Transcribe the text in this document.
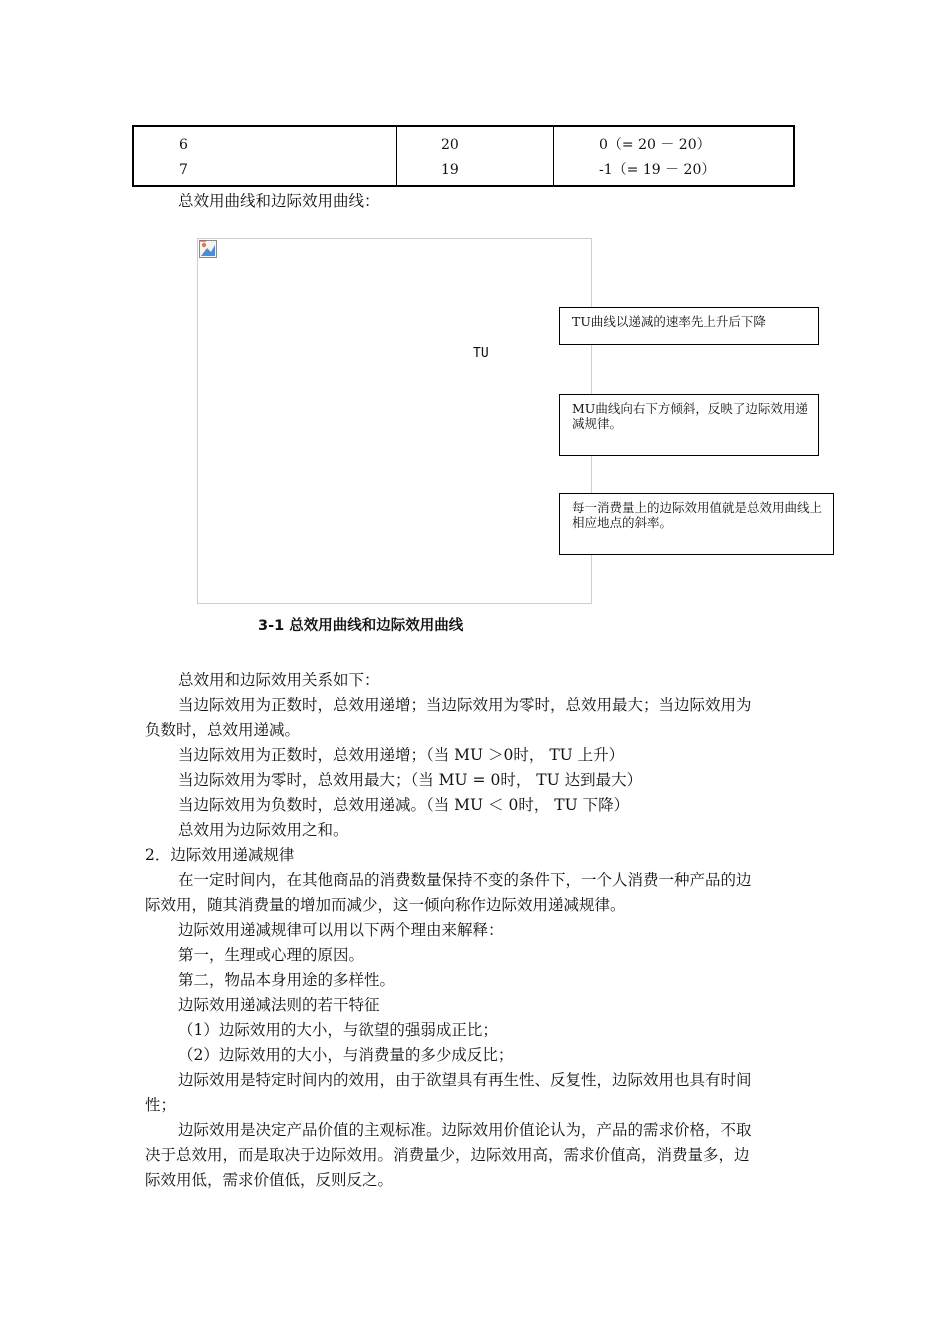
6	20	0（= 20 － 20）
7	19	-1（= 19 － 20）
总效用曲线和边际效用曲线：
TU
TU曲线以递减的速率先上升后下降
MU曲线向右下方倾斜，反映了边际效用递减规律。
每一消费量上的边际效用值就是总效用曲线上相应地点的斜率。
3-1 总效用曲线和边际效用曲线
总效用和边际效用关系如下：
当边际效用为正数时，总效用递增；当边际效用为零时，总效用最大；当边际效用为
负数时，总效用递减。
当边际效用为正数时，总效用递增；（当 MU ＞0时， TU 上升）
当边际效用为零时，总效用最大；（当 MU = 0时， TU 达到最大）
当边际效用为负数时，总效用递减。（当 MU ＜ 0时， TU 下降）
总效用为边际效用之和。
2．边际效用递减规律
在一定时间内，在其他商品的消费数量保持不变的条件下，一个人消费一种产品的边
际效用，随其消费量的增加而减少，这一倾向称作边际效用递减规律。
边际效用递减规律可以用以下两个理由来解释：
第一，生理或心理的原因。
第二，物品本身用途的多样性。
边际效用递减法则的若干特征
（1）边际效用的大小，与欲望的强弱成正比；
（2）边际效用的大小，与消费量的多少成反比；
边际效用是特定时间内的效用，由于欲望具有再生性、反复性，边际效用也具有时间
性；
边际效用是决定产品价值的主观标准。边际效用价值论认为，产品的需求价格，不取
决于总效用，而是取决于边际效用。消费量少，边际效用高，需求价值高，消费量多，边
际效用低，需求价值低，反则反之。
